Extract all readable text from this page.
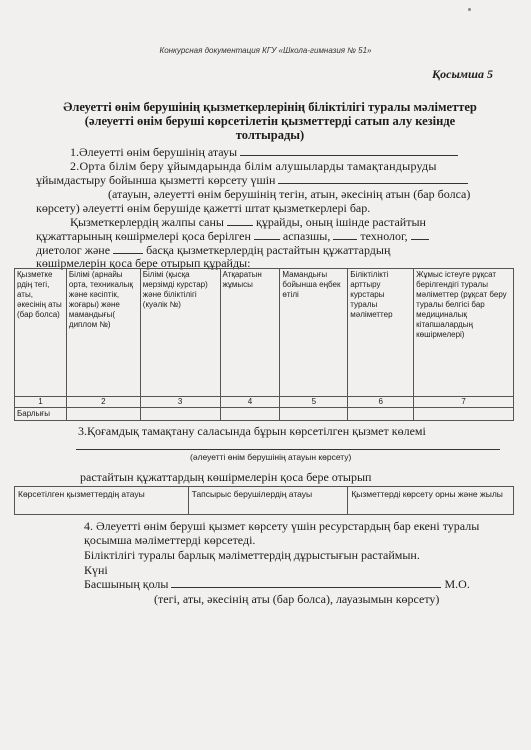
Конкурсная документация КГУ «Школа-гимназия № 51»
Қосымша 5
Әлеуетті өнім берушінің қызметкерлерінің біліктілігі туралы мәліметтер (әлеуетті өнім беруші көрсетілетін қызметтерді сатып алу кезінде толтырады)
1.Әлеуетті өнім берушінің атауы
2.Орта білім беру ұйымдарында білім алушыларды тамақтандыруды
ұйымдастыру бойынша қызметті көрсету үшін
(атауын, әлеуетті өнім берушінің тегін, атын, әкесінің атын (бар болса)
көрсету) әлеуетті өнім берушіде қажетті штат қызметкерлері бар.
Қызметкерлердің жалпы саны	құрайды, оның ішінде растайтын
құжаттарының көшірмелері қоса берілген	аспазшы,	технолог,
диетолог және	басқа қызметкерлердің растайтын құжаттардың
көшірмелерін қоса бере отырып құрайды:
Қызметке рдің тегі, аты, әкесінің аты (бар болса)	Білімі (арнайы орта, техникалық және кәсіптік, жоғары) және мамандығы( диплом №)	Білімі (қысқа мерзімді курстар) және біліктілігі (куәлік №)	Атқаратын жұмысы	Мамандығы бойынша еңбек өтілі	Біліктілікті арттыру курстары туралы мәліметтер	Жұмыс істеуге рұқсат берілгендігі туралы мәліметтер (рұқсат беру туралы белгісі бар медициналық кітапшалардың көшірмелері)
1	2	3	4	5	6	7
Барлығы						
3.Қоғамдық тамақтану саласында бұрын көрсетілген қызмет көлемі
(әлеуетті өнім берушінің атауын көрсету)
растайтын құжаттардың көшірмелерін қоса бере отырып
Көрсетілген қызметтердің атауы	Тапсырыс берушілердің атауы	Қызметтерді көрсету орны және жылы
4. Әлеуетті өнім беруші қызмет көрсету үшін ресурстардың бар екені туралы
қосымша мәліметтерді көрсетеді.
Біліктілігі туралы барлық мәліметтердің дұрыстығын растаймын.
Күні
Басшының қолы	М.О.
(тегі, аты, әкесінің аты (бар болса), лауазымын көрсету)
